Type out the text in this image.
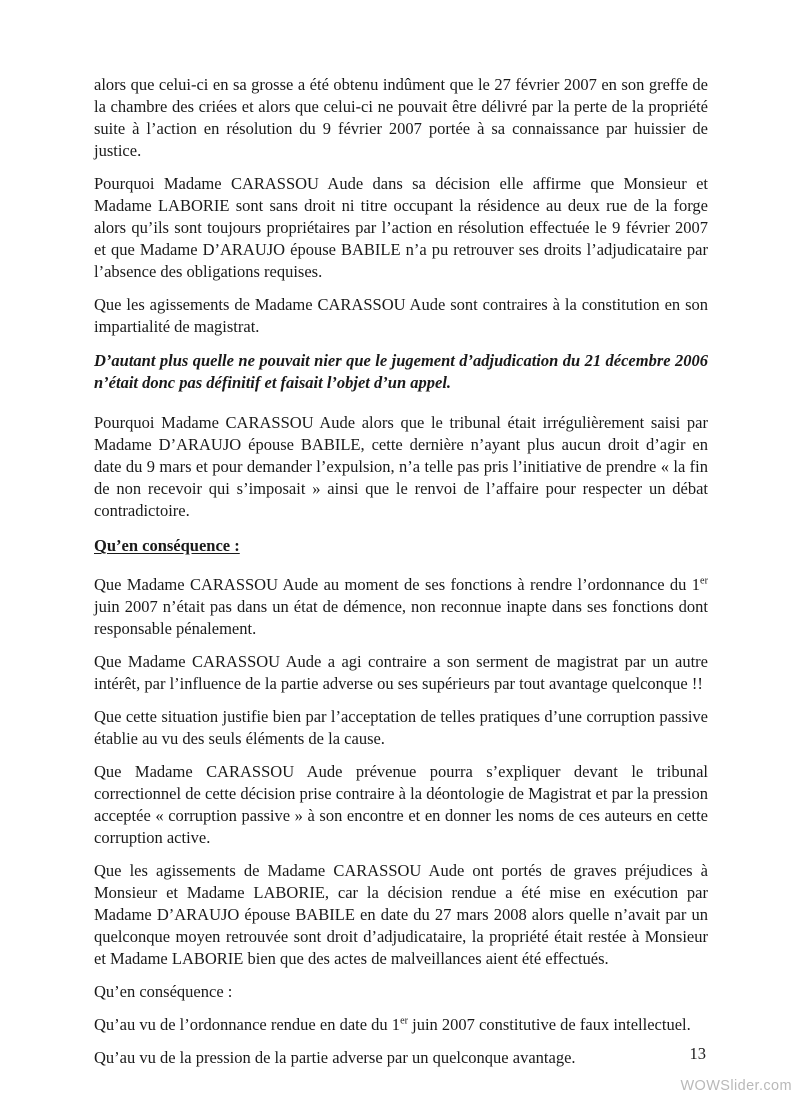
alors que celui-ci en sa grosse a été obtenu indûment que le 27 février 2007 en son greffe de la chambre des criées et alors que celui-ci ne pouvait être délivré par la perte de la propriété suite à l’action en résolution du 9 février 2007 portée à sa connaissance par huissier de justice.

Pourquoi Madame CARASSOU Aude dans sa décision elle affirme que Monsieur et Madame LABORIE sont sans droit ni titre occupant la résidence au deux rue de la forge alors qu’ils sont toujours propriétaires par l’action en résolution effectuée le 9 février 2007 et que Madame D’ARAUJO épouse BABILE n’a pu retrouver ses droits l’adjudicataire par l’absence des obligations requises.

Que les agissements de Madame CARASSOU Aude sont contraires à la constitution en son impartialité de magistrat.

D’autant plus quelle ne pouvait nier que le jugement d’adjudication du 21 décembre 2006 n’était donc pas définitif et faisait l’objet d’un appel.

Pourquoi Madame CARASSOU Aude alors que le tribunal était irrégulièrement saisi par Madame D’ARAUJO épouse BABILE, cette dernière n’ayant plus aucun droit d’agir en date du 9 mars et pour demander l’expulsion, n’a telle pas pris l’initiative de prendre « la fin de non recevoir qui s’imposait » ainsi que le renvoi de l’affaire pour respecter un débat contradictoire.

Qu’en conséquence :

Que Madame CARASSOU Aude au moment de ses fonctions à rendre l’ordonnance du 1er juin 2007 n’était pas dans un état de démence, non reconnue inapte dans ses fonctions dont responsable pénalement.

Que Madame CARASSOU Aude a agi contraire a son serment de magistrat par un autre intérêt, par l’influence de la partie adverse ou ses supérieurs par tout avantage quelconque !!

Que cette situation justifie bien par l’acceptation de telles pratiques d’une corruption passive établie au vu des seuls éléments de la cause.

Que Madame CARASSOU Aude prévenue pourra s’expliquer devant le tribunal correctionnel de cette décision prise contraire à la déontologie de Magistrat et par la pression acceptée « corruption passive » à son encontre et en donner les noms de ces auteurs en cette corruption active.

Que les agissements de Madame CARASSOU Aude ont portés de graves préjudices à Monsieur et Madame LABORIE, car la décision rendue a été mise en exécution par Madame D’ARAUJO épouse BABILE en date du 27 mars 2008 alors quelle n’avait par un quelconque moyen retrouvée sont droit d’adjudicataire, la propriété était restée à Monsieur et Madame LABORIE bien que des actes de malveillances aient été effectués.

Qu’en conséquence :

Qu’au vu de l’ordonnance rendue en date du 1er juin 2007 constitutive de faux intellectuel.

Qu’au vu de la pression de la partie adverse par un quelconque avantage.	13
WOWSlider.com
